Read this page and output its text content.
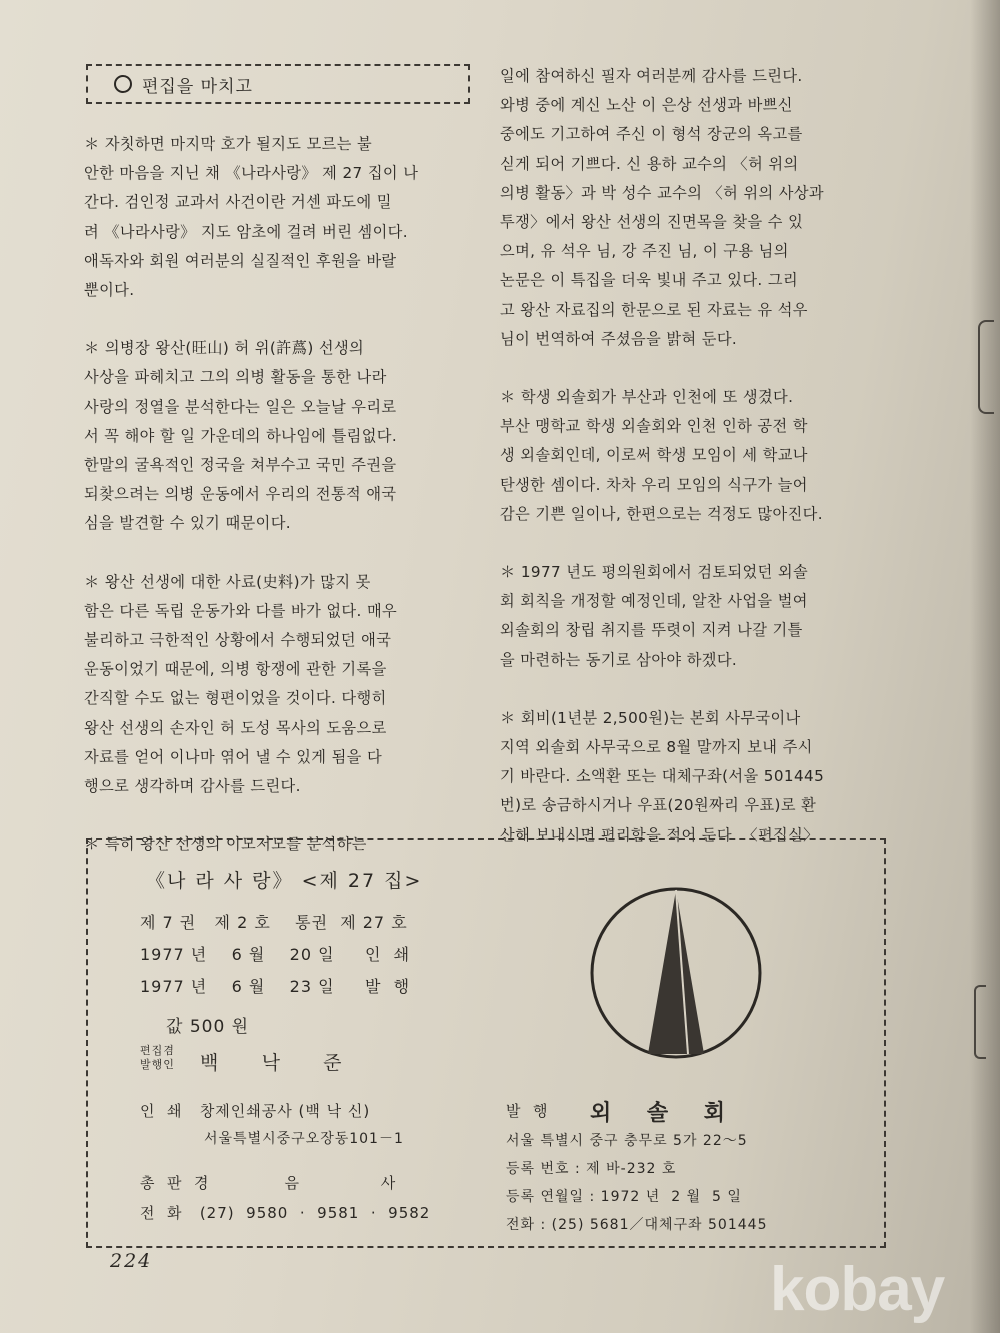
편집을 마치고

＊ 자칫하면 마지막 호가 될지도 모르는 불
안한 마음을 지닌 채 《나라사랑》 제 27 집이 나
간다. 검인정 교과서 사건이란 거센 파도에 밀
려 《나라사랑》 지도 암초에 걸려 버린 셈이다.
애독자와 회원 여러분의 실질적인 후원을 바랄
뿐이다.

＊ 의병장 왕산(旺山) 허 위(許蔿) 선생의
사상을 파헤치고 그의 의병 활동을 통한 나라
사랑의 정열을 분석한다는 일은 오늘날 우리로
서 꼭 해야 할 일 가운데의 하나임에 틀림없다.
한말의 굴욕적인 정국을 쳐부수고 국민 주권을
되찾으려는 의병 운동에서 우리의 전통적 애국
심을 발견할 수 있기 때문이다.

＊ 왕산 선생에 대한 사료(史料)가 많지 못
함은 다른 독립 운동가와 다를 바가 없다. 매우
불리하고 극한적인 상황에서 수행되었던 애국
운동이었기 때문에, 의병 항쟁에 관한 기록을
간직할 수도 없는 형편이었을 것이다. 다행히
왕산 선생의 손자인 허 도성 목사의 도움으로
자료를 얻어 이나마 엮어 낼 수 있게 됨을 다
행으로 생각하며 감사를 드린다.

＊ 특히 왕산 선생의 이모저모를 분석하는

일에 참여하신 필자 여러분께 감사를 드린다.
와병 중에 계신 노산 이 은상 선생과 바쁘신
중에도 기고하여 주신 이 형석 장군의 옥고를
싣게 되어 기쁘다. 신 용하 교수의 〈허 위의
의병 활동〉과 박 성수 교수의 〈허 위의 사상과
투쟁〉에서 왕산 선생의 진면목을 찾을 수 있
으며, 유 석우 님, 강 주진 님, 이 구용 님의
논문은 이 특집을 더욱 빛내 주고 있다. 그리
고 왕산 자료집의 한문으로 된 자료는 유 석우
님이 번역하여 주셨음을 밝혀 둔다.

＊ 학생 외솔회가 부산과 인천에 또 생겼다.
부산 맹학교 학생 외솔회와 인천 인하 공전 학
생 외솔회인데, 이로써 학생 모임이 세 학교나
탄생한 셈이다. 차차 우리 모임의 식구가 늘어
감은 기쁜 일이나, 한편으로는 걱정도 많아진다.

＊ 1977 년도 평의원회에서 검토되었던 외솔
회 회칙을 개정할 예정인데, 알찬 사업을 벌여
외솔회의 창립 취지를 뚜렷이 지켜 나갈 기틀
을 마련하는 동기로 삼아야 하겠다.

＊ 회비(1년분 2,500원)는 본회 사무국이나
지역 외솔회 사무국으로 8월 말까지 보내 주시
기 바란다. 소액환 또는 대체구좌(서울 501445
번)로 송금하시거나 우표(20원짜리 우표)로 환
산해 보내시면 편리함을 적어 둔다. 〈편집실〉

《나 라 사 랑》 <제 27 집>
제 7 권   제 2 호    통권  제 27 호
1977 년    6 월    20 일     인  쇄
1977 년    6 월    23 일     발  행
값 500 원
편집겸
발행인 백      낙      준
인  쇄   창제인쇄공사 (백 낙 신)
서울특별시중구오장동101－1
총  판  경             음              사
전  화   (27)  9580  ·  9581  ·  9582
발  행 외    솔    회
서울 특별시 중구 충무로 5가 22～5
등록 번호 : 제 바-232 호
등록 연월일 : 1972 년  2 월  5 일
전화 : (25) 5681／대체구좌 501445
224	kobay
